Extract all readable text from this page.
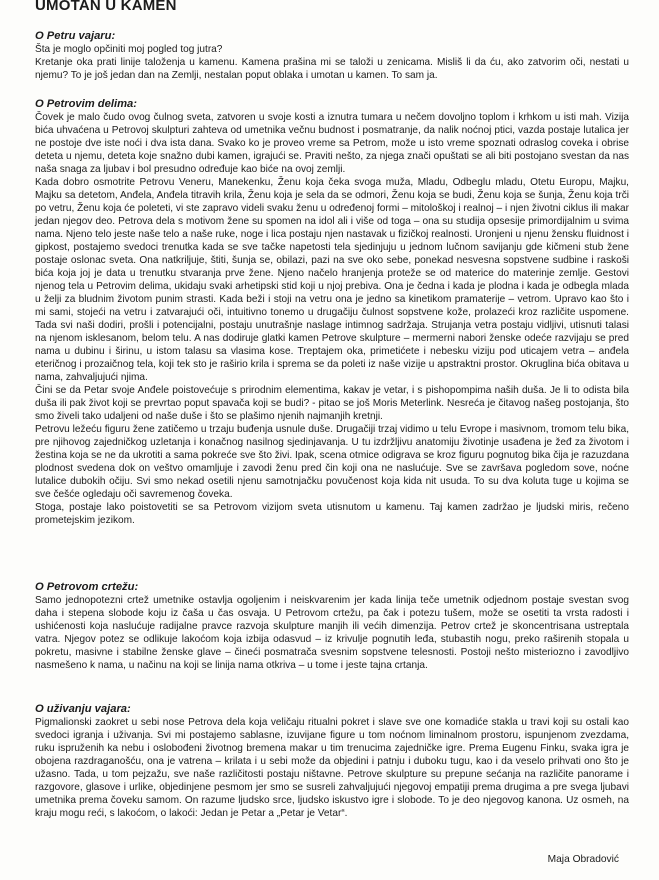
UMOTAN U KAMEN
O Petru vajaru:

Šta je moglo opčiniti moj pogled tog jutra?

Kretanje oka prati linije taloženja u kamenu. Kamena prašina mi se taloži u zenicama. Misliš li da ću, ako zatvorim oči, nestati u njemu? To je još jedan dan na Zemlji, nestalan poput oblaka i umotan u kamen. To sam ja.

O Petrovim delima:

Čovek je malo čudo ovog čulnog sveta, zatvoren u svoje kosti a iznutra tumara u nečem dovoljno toplom i krhkom u isti mah. Vizija bića uhvaćena u Petrovoj skulpturi zahteva od umetnika večnu budnost i posmatranje, da nalik noćnoj ptici, vazda postaje lutalica jer ne postoje dve iste noći i dva ista dana. Svako ko je proveo vreme sa Petrom, može u isto vreme spoznati odraslog coveka i obrise deteta u njemu, deteta koje snažno dubi kamen, igrajući se. Praviti nešto, za njega znači opuštati se ali biti postojano svestan da nas naša snaga za ljubav i bol presudno određuje kao biće na ovoj zemlji.

Kada dobro osmotrite Petrovu Veneru, Manekenku, Ženu koja čeka svoga muža, Mladu, Odbeglu mladu, Otetu Europu, Majku, Majku sa detetom, Anđela, Anđela titravih krila, Ženu koja je sela da se odmori, Ženu koja se budi, Ženu koja se šunja, Ženu koja trči po vetru, Ženu koja će poleteti, vi ste zapravo videli svaku ženu u određenoj formi – mitološkoj i realnoj – i njen životni ciklus ili makar jedan njegov deo. Petrova dela s motivom žene su spomen na idol ali i više od toga – ona su studija opsesije primordijalnim u svima nama. Njeno telo jeste naše telo a naše ruke, noge i lica postaju njen nastavak u fizičkoj realnosti. Uronjeni u njenu žensku fluidnost i gipkost, postajemo svedoci trenutka kada se sve tačke napetosti tela sjedinjuju u jednom lučnom savijanju gde kičmeni stub žene postaje oslonac sveta. Ona natkriljuje, štiti, šunja se, obilazi, pazi na sve oko sebe, ponekad nesvesna sopstvene sudbine i raskoši bića koja joj je data u trenutku stvaranja prve žene. Njeno načelo hranjenja proteže se od materice do materinje zemlje. Gestovi njenog tela u Petrovim delima, ukidaju svaki arhetipski stid koji u njoj prebiva. Ona je čedna i kada je plodna i kada je odbegla mlada u želji za bludnim životom punim strasti. Kada beži i stoji na vetru ona je jedno sa kinetikom pramaterije – vetrom. Upravo kao što i mi sami, stojeći na vetru i zatvarajući oči, intuitivno tonemo u drugačiju čulnost sopstvene kože, prolazeći kroz različite uspomene. Tada svi naši dodiri, prošli i potencijalni, postaju unutrašnje naslage intimnog sadržaja. Strujanja vetra postaju vidljivi, utisnuti talasi na njenom isklesanom, belom telu. A nas dodiruje glatki kamen Petrove skulpture – mermerni nabori ženske odeće razvijaju se pred nama u dubinu i širinu, u istom talasu sa vlasima kose. Treptajem oka, primetićete i nebesku viziju pod uticajem vetra – anđela eteričnog i prozaičnog tela, koji tek sto je raširio krila i sprema se da poleti iz naše vizije u apstraktni prostor. Okruglina bića obitava u nama, zahvaljujući njima.

Čini se da Petar svoje Anđele poistovećuje s prirodnim elementima, kakav je vetar, i s pishopompima naših duša. Je li to odista bila duša ili pak život koji se prevrtao poput spavača koji se budi? - pitao se još Moris Meterlink. Nesreća je čitavog našeg postojanja, što smo živeli tako udaljeni od naše duše i što se plašimo njenih najmanjih kretnji.

Petrovu ležeću figuru žene zatičemo u trzaju buđenja usnule duše. Drugačiji trzaj vidimo u telu Evrope i masivnom, tromom telu bika, pre njihovog zajedničkog uzletanja i konačnog nasilnog sjedinjavanja. U tu izdržljivu anatomiju životinje usađena je žeđ za životom i žestina koja se ne da ukrotiti a sama pokreće sve što živi. Ipak, scena otmice odigrava se kroz figuru pognutog bika čija je razuzdana plodnost svedena dok on veštvo omamljuje i zavodi ženu pred čin koji ona ne naslućuje. Sve se završava pogledom sove, noćne lutalice dubokih očiju. Svi smo nekad osetili njenu samotnjačku povučenost koja kida nit usuda. To su dva koluta tuge u kojima se sve češće ogledaju oči savremenog čoveka.

Stoga, postaje lako poistovetiti se sa Petrovom vizijom sveta utisnutom u kamenu. Taj kamen zadržao je ljudski miris, rečeno prometejskim jezikom.

O Petrovom crtežu:

Samo jednopotezni crtež umetnike ostavlja ogoljenim i neiskvarenim jer kada linija teče umetnik odjednom postaje svestan svog daha i stepena slobode koju iz čaša u čas osvaja. U Petrovom crtežu, pa čak i potezu tušem, može se osetiti ta vrsta radosti i ushićenosti koja naslućuje radijalne pravce razvoja skulpture manjih ili većih dimenzija. Petrov crtež je skoncentrisana ustreptala vatra. Njegov potez se odlikuje lakoćom koja izbija odasvud – iz krivulje pognutih leđa, stubastih nogu, preko raširenih stopala u pokretu, masivne i stabilne ženske glave – čineći posmatrača svesnim sopstvene telesnosti. Postoji nešto misteriozno i zavodljivo nasmešeno k nama, u načinu na koji se linija nama otkriva – u tome i jeste tajna crtanja.

O uživanju vajara:

Pigmalionski zaokret u sebi nose Petrova dela koja veličaju ritualni pokret i slave sve one komadiće stakla u travi koji su ostali kao svedoci igranja i uživanja. Svi mi postajemo sablasne, izuvijane figure u tom noćnom liminalnom prostoru, ispunjenom zvezdama, ruku ispruženih ka nebu i oslobođeni životnog bremena makar u tim trenucima zajedničke igre. Prema Eugenu Finku, svaka igra je obojena razdraganošću, ona je vatrena – krilata i u sebi može da objedini i patnju i duboku tugu, kao i da veselo prihvati ono što je užasno. Tada, u tom pejzažu, sve naše različitosti postaju ništavne. Petrove skulpture su prepune sećanja na različite panorame i razgovore, glasove i urlike, objedinjene pesmom jer smo se susreli zahvaljujući njegovoj empatiji prema drugima a pre svega ljubavi umetnika prema čoveku samom. On razume ljudsko srce, ljudsko iskustvo igre i slobode. To je deo njegovog kanona. Uz osmeh, na kraju mogu reći, s lakoćom, o lakoći: Jedan je Petar a „Petar je Vetar“.

Maja Obradović
